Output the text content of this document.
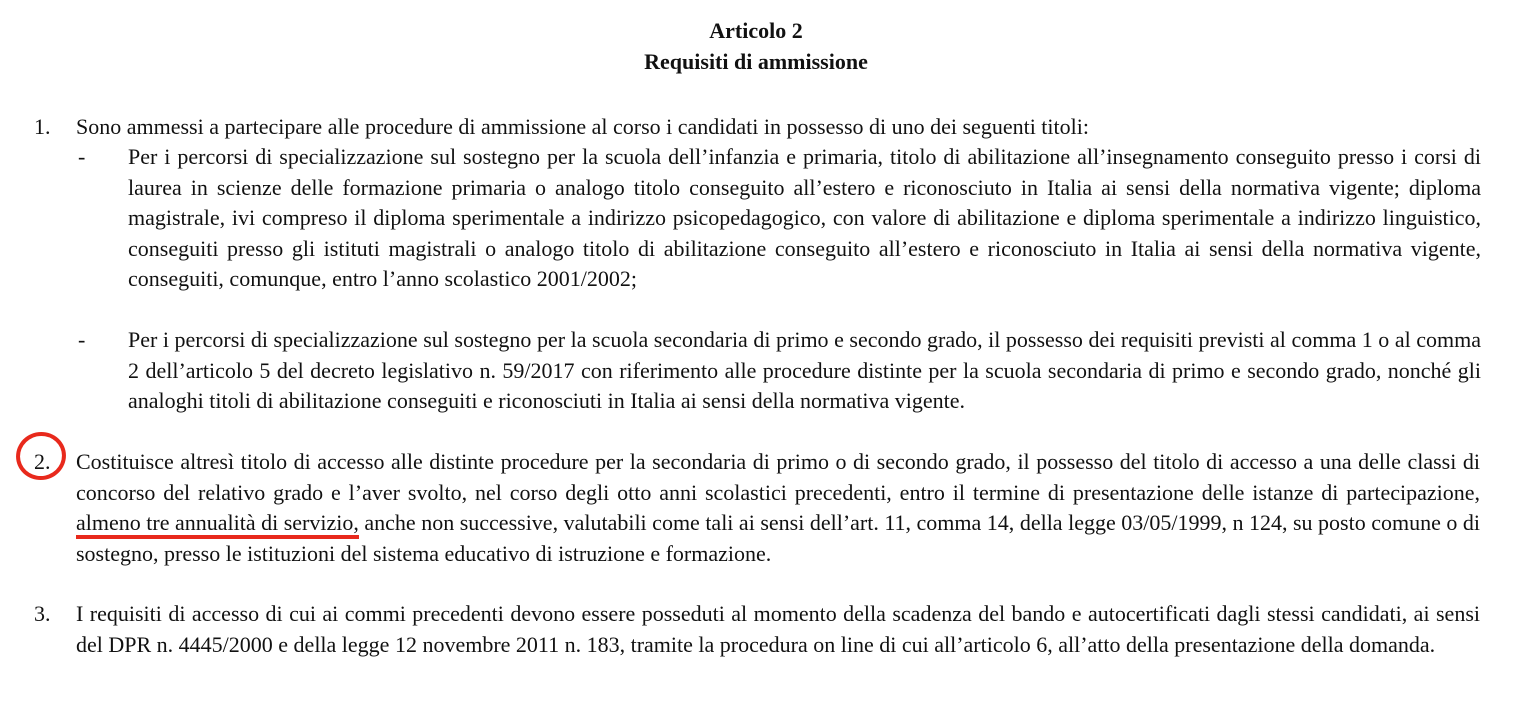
Articolo 2
Requisiti di ammissione
1. Sono ammessi a partecipare alle procedure di ammissione al corso i candidati in possesso di uno dei seguenti titoli:
- Per i percorsi di specializzazione sul sostegno per la scuola dell’infanzia e primaria, titolo di abilitazione all’insegnamento conseguito presso i corsi di laurea in scienze delle formazione primaria o analogo titolo conseguito all’estero e riconosciuto in Italia ai sensi della normativa vigente; diploma magistrale, ivi compreso il diploma sperimentale a indirizzo psicopedagogico, con valore di abilitazione e diploma sperimentale a indirizzo linguistico, conseguiti presso gli istituti magistrali o analogo titolo di abilitazione conseguito all’estero e riconosciuto in Italia ai sensi della normativa vigente, conseguiti, comunque, entro l’anno scolastico 2001/2002;
- Per i percorsi di specializzazione sul sostegno per la scuola secondaria di primo e secondo grado, il possesso dei requisiti previsti al comma 1 o al comma 2 dell’articolo 5 del decreto legislativo n. 59/2017 con riferimento alle procedure distinte per la scuola secondaria di primo e secondo grado, nonché gli analoghi titoli di abilitazione conseguiti e riconosciuti in Italia ai sensi della normativa vigente.
2. Costituisce altresì titolo di accesso alle distinte procedure per la secondaria di primo o di secondo grado, il possesso del titolo di accesso a una delle classi di concorso del relativo grado e l’aver svolto, nel corso degli otto anni scolastici precedenti, entro il termine di presentazione delle istanze di partecipazione, almeno tre annualità di servizio, anche non successive, valutabili come tali ai sensi dell’art. 11, comma 14, della legge 03/05/1999, n 124, su posto comune o di sostegno, presso le istituzioni del sistema educativo di istruzione e formazione.
3. I requisiti di accesso di cui ai commi precedenti devono essere posseduti al momento della scadenza del bando e autocertificati dagli stessi candidati, ai sensi del DPR n. 4445/2000 e della legge 12 novembre 2011 n. 183, tramite la procedura on line di cui all’articolo 6, all’atto della presentazione della domanda.
